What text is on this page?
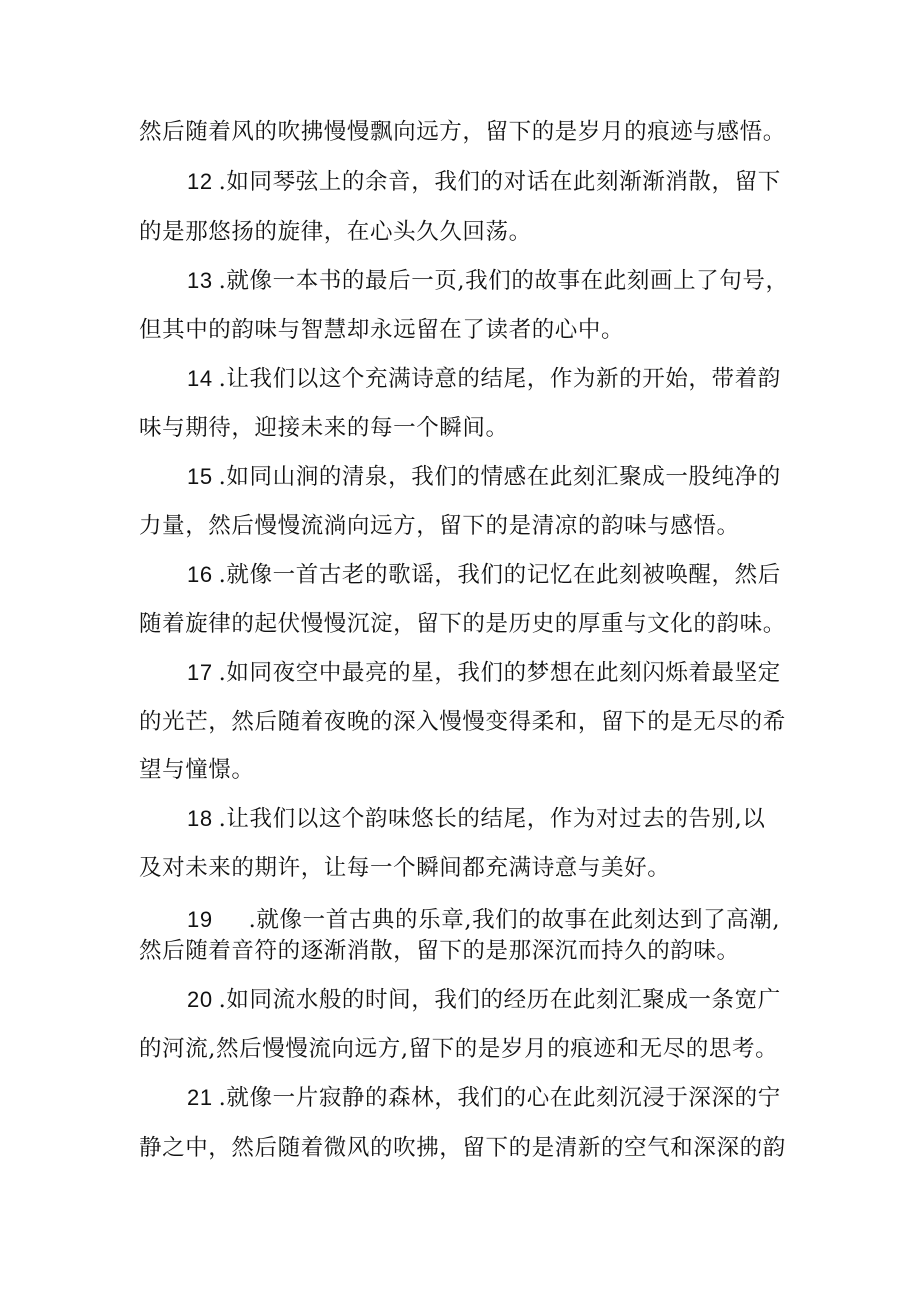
然后随着风的吹拂慢慢飘向远方，留下的是岁月的痕迹与感悟。
12 .如同琴弦上的余音，我们的对话在此刻渐渐消散，留下
的是那悠扬的旋律，在心头久久回荡。
13 .就像一本书的最后一页,我们的故事在此刻画上了句号，
但其中的韵味与智慧却永远留在了读者的心中。
14 .让我们以这个充满诗意的结尾，作为新的开始，带着韵
味与期待，迎接未来的每一个瞬间。
15 .如同山涧的清泉，我们的情感在此刻汇聚成一股纯净的
力量，然后慢慢流淌向远方，留下的是清凉的韵味与感悟。
16 .就像一首古老的歌谣，我们的记忆在此刻被唤醒，然后
随着旋律的起伏慢慢沉淀，留下的是历史的厚重与文化的韵味。
17 .如同夜空中最亮的星，我们的梦想在此刻闪烁着最坚定
的光芒，然后随着夜晚的深入慢慢变得柔和，留下的是无尽的希
望与憧憬。
18 .让我们以这个韵味悠长的结尾，作为对过去的告别,以
及对未来的期许，让每一个瞬间都充满诗意与美好。
19 .就像一首古典的乐章,我们的故事在此刻达到了高潮,
然后随着音符的逐渐消散，留下的是那深沉而持久的韵味。
20 .如同流水般的时间，我们的经历在此刻汇聚成一条宽广
的河流,然后慢慢流向远方,留下的是岁月的痕迹和无尽的思考。
21 .就像一片寂静的森林，我们的心在此刻沉浸于深深的宁
静之中，然后随着微风的吹拂，留下的是清新的空气和深深的韵
